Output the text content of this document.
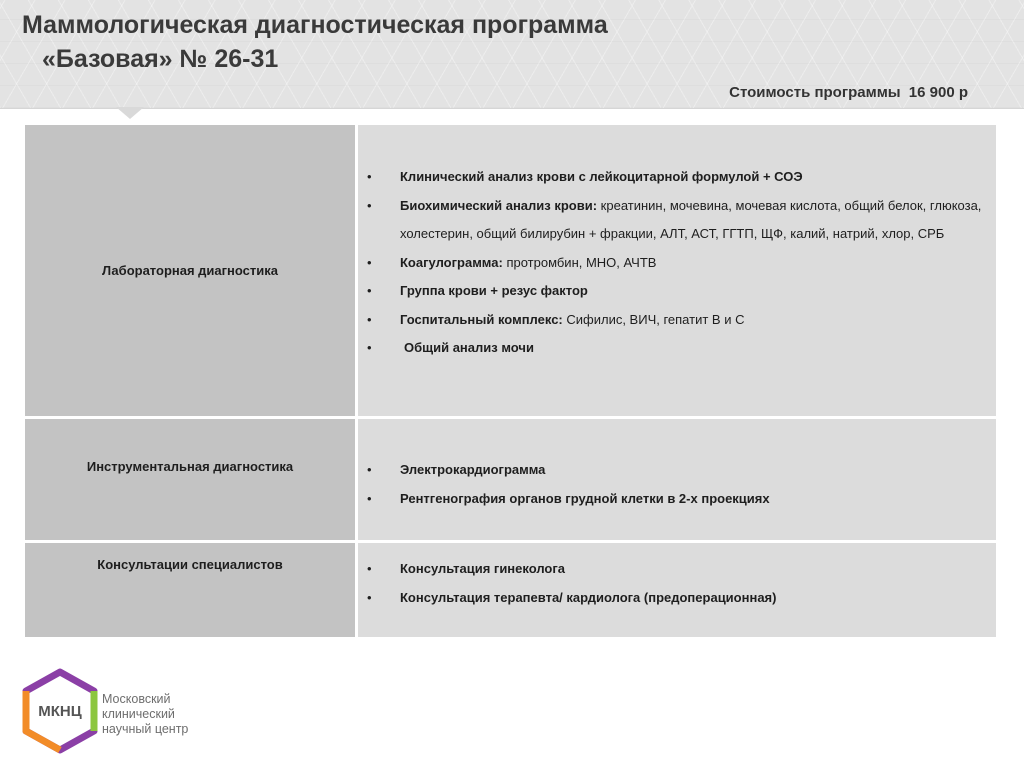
Маммологическая диагностическая программа
«Базовая» № 26-31
Стоимость программы 16 900 р
Лабораторная диагностика
• Клинический анализ крови с лейкоцитарной формулой + СОЭ
• Биохимический анализ крови: креатинин, мочевина, мочевая кислота, общий белок, глюкоза, холестерин, общий билирубин + фракции, АЛТ, АСТ, ГГТП, ЩФ, калий, натрий, хлор, СРБ
• Коагулограмма: протромбин, МНО, АЧТВ
• Группа крови + резус фактор
• Госпитальный комплекс: Сифилис, ВИЧ, гепатит В и С
• Общий анализ мочи
Инструментальная диагностика	• Электрокардиограмма
• Рентгенография органов грудной клетки в 2-х проекциях
Консультации специалистов	• Консультация гинеколога
• Консультация терапевта/ кардиолога (предоперационная)
МКНЦ
Московский
клинический
научный центр
